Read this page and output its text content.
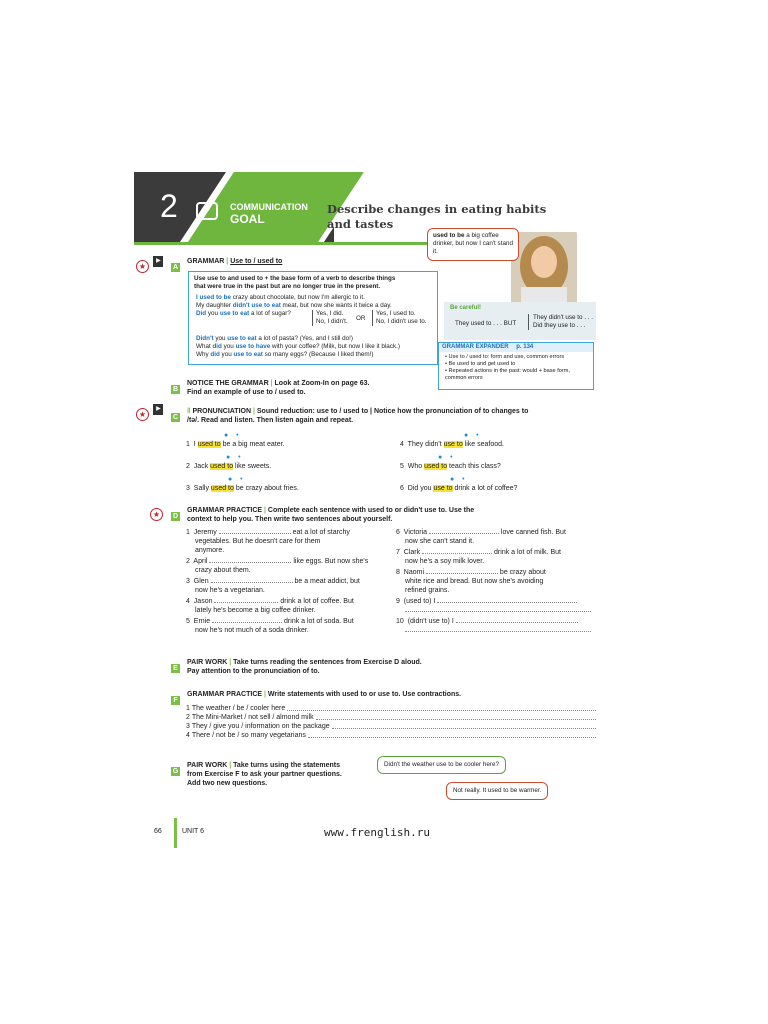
2	••	COMMUNICATION
GOAL
Describe changes in eating habits
and tastes
used to be a big coffee drinker, but now I can't stand it.
★ ▶
A
GRAMMAR | Use to / used to
Use use to and used to + the base form of a verb to describe things
that were true in the past but are no longer true in the present.
I used to be crazy about chocolate, but now I'm allergic to it.
My daughter didn't use to eat meat, but now she wants it twice a day.
Did you use to eat a lot of sugar?	Yes, I did.
No, I didn't. OR
Yes, I used to.
No, I didn't use to.
Didn't you use to eat a lot of pasta? (Yes, and I still do!)
What did you use to have with your coffee? (Milk, but now I like it black.)
Why did you use to eat so many eggs? (Because I liked them!)
Be careful!
They used to . . . BUT
They didn't use to . . .
Did they use to . . .
GRAMMAR EXPANDER p. 134
• Use to / used to: form and use, common errors
• Be used to and get used to
• Repeated actions in the past: would + base form, common errors
B
NOTICE THE GRAMMAR | Look at Zoom-In on page 63.
Find an example of use to / used to.
★ ▶
C
‖ PRONUNCIATION | Sound reduction: use to / used to | Notice how the pronunciation of to changes to
/tə/. Read and listen. Then listen again and repeat.
1 I used to be a big meat eater.
● •
2 Jack used to like sweets.
● •
3 Sally used to be crazy about fries.
● •
4 They didn't use to like seafood.
● •
5 Who used to teach this class?
● •
6 Did you use to drink a lot of coffee?
● •
★	D
GRAMMAR PRACTICE | Complete each sentence with used to or didn't use to. Use the
context to help you. Then write two sentences about yourself.
1 Jeremy	eat a lot of starchy
vegetables. But he doesn't care for them
anymore.
2 April	like eggs. But now she's
crazy about them.
3 Glen	be a meat addict, but
now he's a vegetarian.
4 Jason	drink a lot of coffee. But
lately he's become a big coffee drinker.
5 Ernie	drink a lot of soda. But
now he's not much of a soda drinker.
6 Victoria	love canned fish. But
now she can't stand it.
7 Clark	drink a lot of milk. But
now he's a soy milk lover.
8 Naomi	be crazy about
white rice and bread. But now she's avoiding
refined grains.
9 (used to) I
10 (didn't use to) I
E
PAIR WORK | Take turns reading the sentences from Exercise D aloud.
Pay attention to the pronunciation of to.
F
GRAMMAR PRACTICE | Write statements with used to or use to. Use contractions.
1
The weather / be / cooler here
2
The Mini-Market / not sell / almond milk
3
They / give you / information on the package
4
There / not be / so many vegetarians
G
PAIR WORK | Take turns using the statements
from Exercise F to ask your partner questions.
Add two new questions.
Didn't the weather use to be cooler here?
Not really. It used to be warmer.
66	UNIT 6	www.frenglish.ru
